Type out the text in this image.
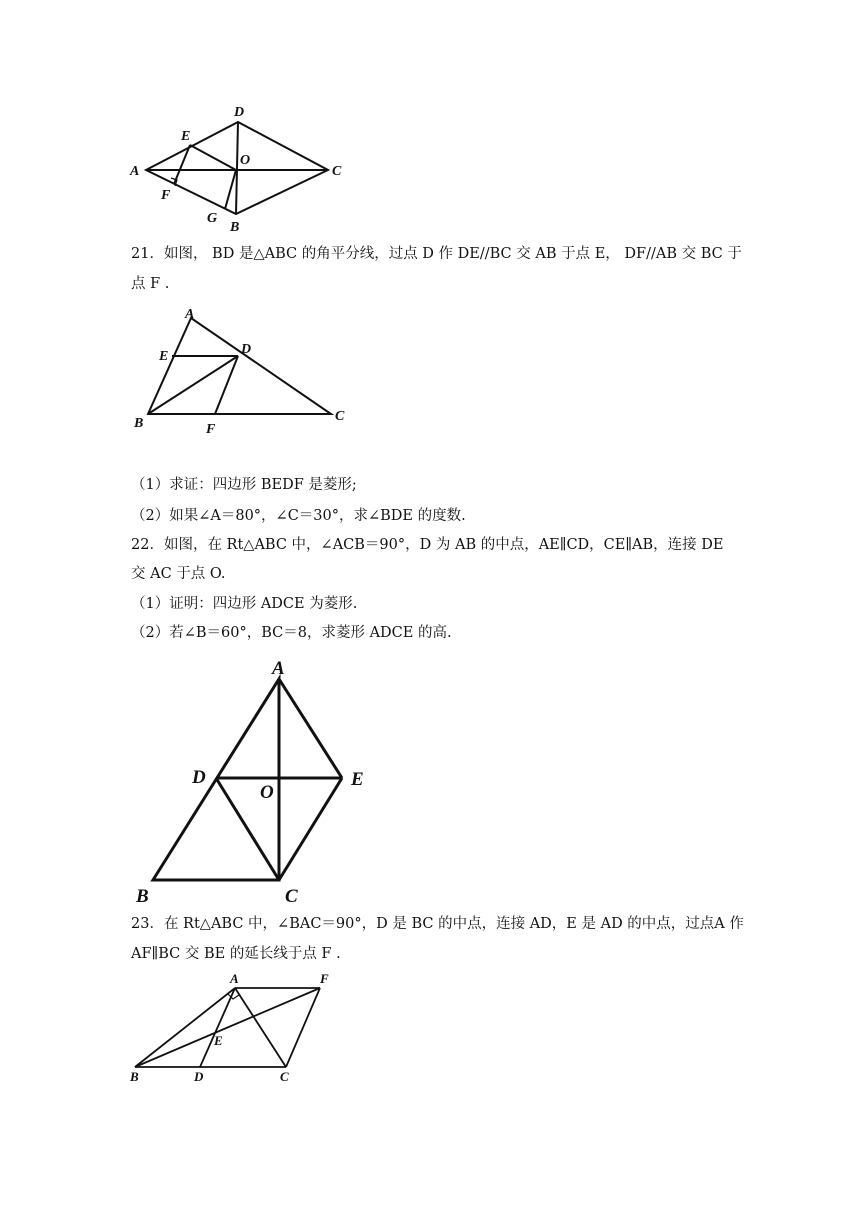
A
D
C
B
E
O
F
G
21．如图， BD 是△ABC 的角平分线，过点 D 作 DE//BC 交 AB 于点 E， DF//AB 交 BC 于
点 F .
A
E	D
B	F
C
（1）求证：四边形 BEDF 是菱形;
（2）如果∠A＝80°，∠C＝30°，求∠BDE 的度数.
22．如图，在 Rt△ABC 中，∠ACB＝90°，D 为 AB 的中点，AE∥CD，CE∥AB，连接 DE
交 AC 于点 O.
（1）证明：四边形 ADCE 为菱形.
（2）若∠B＝60°，BC＝8，求菱形 ADCE 的高.
A
D
O
E
B	C
23．在 Rt△ABC 中，∠BAC＝90°，D 是 BC 的中点，连接 AD，E 是 AD 的中点，过点A 作
AF∥BC 交 BE 的延长线于点 F .
A	F
E
B	D	C
